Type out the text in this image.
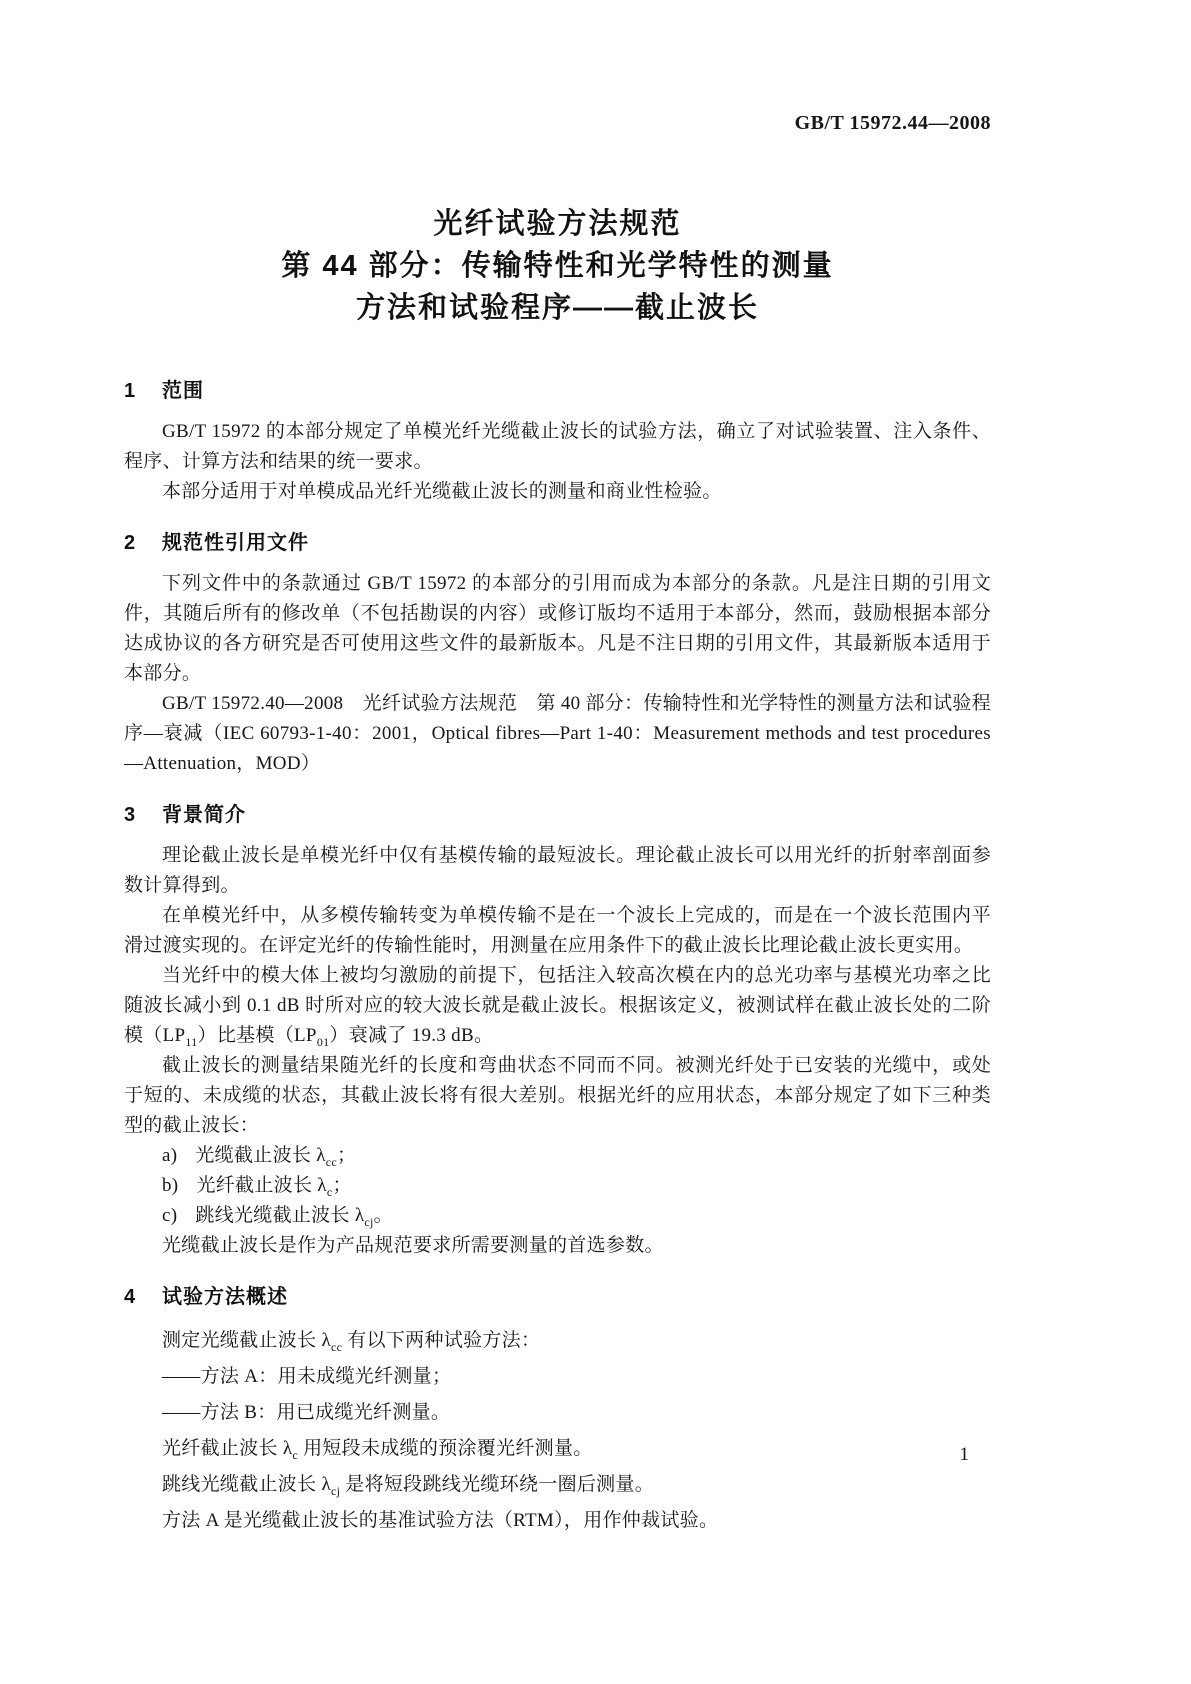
GB/T 15972.44—2008
光纤试验方法规范
第 44 部分：传输特性和光学特性的测量
方法和试验程序——截止波长
1 范围

GB/T 15972 的本部分规定了单模光纤光缆截止波长的试验方法，确立了对试验装置、注入条件、程序、计算方法和结果的统一要求。

本部分适用于对单模成品光纤光缆截止波长的测量和商业性检验。

2 规范性引用文件

下列文件中的条款通过 GB/T 15972 的本部分的引用而成为本部分的条款。凡是注日期的引用文件，其随后所有的修改单（不包括勘误的内容）或修订版均不适用于本部分，然而，鼓励根据本部分达成协议的各方研究是否可使用这些文件的最新版本。凡是不注日期的引用文件，其最新版本适用于本部分。

GB/T 15972.40—2008　光纤试验方法规范　第 40 部分：传输特性和光学特性的测量方法和试验程序—衰减（IEC 60793-1-40：2001，Optical fibres—Part 1-40：Measurement methods and test procedures—Attenuation，MOD）

3 背景简介

理论截止波长是单模光纤中仅有基模传输的最短波长。理论截止波长可以用光纤的折射率剖面参数计算得到。

在单模光纤中，从多模传输转变为单模传输不是在一个波长上完成的，而是在一个波长范围内平滑过渡实现的。在评定光纤的传输性能时，用测量在应用条件下的截止波长比理论截止波长更实用。

当光纤中的模大体上被均匀激励的前提下，包括注入较高次模在内的总光功率与基模光功率之比随波长减小到 0.1 dB 时所对应的较大波长就是截止波长。根据该定义，被测试样在截止波长处的二阶模$(LP_{11})$比基模$(LP_{01})$衰减了 19.3 dB。

截止波长的测量结果随光纤的长度和弯曲状态不同而不同。被测光纤处于已安装的光缆中，或处于短的、未成缆的状态，其截止波长将有很大差别。根据光纤的应用状态，本部分规定了如下三种类型的截止波长：

a) 光缆截止波长 $\lambda_{cc}$；

b) 光纤截止波长 $\lambda_c$；

c) 跳线光缆截止波长 $\lambda_{cj}$。

光缆截止波长是作为产品规范要求所需要测量的首选参数。

4 试验方法概述

测定光缆截止波长 $\lambda_{cc}$ 有以下两种试验方法：

——方法 A：用未成缆光纤测量；

——方法 B：用已成缆光纤测量。

光纤截止波长 $\lambda_c$ 用短段未成缆的预涂覆光纤测量。

跳线光缆截止波长 $\lambda_{cj}$ 是将短段跳线光缆环绕一圈后测量。

方法 A 是光缆截止波长的基准试验方法（RTM），用作仲裁试验。

1
